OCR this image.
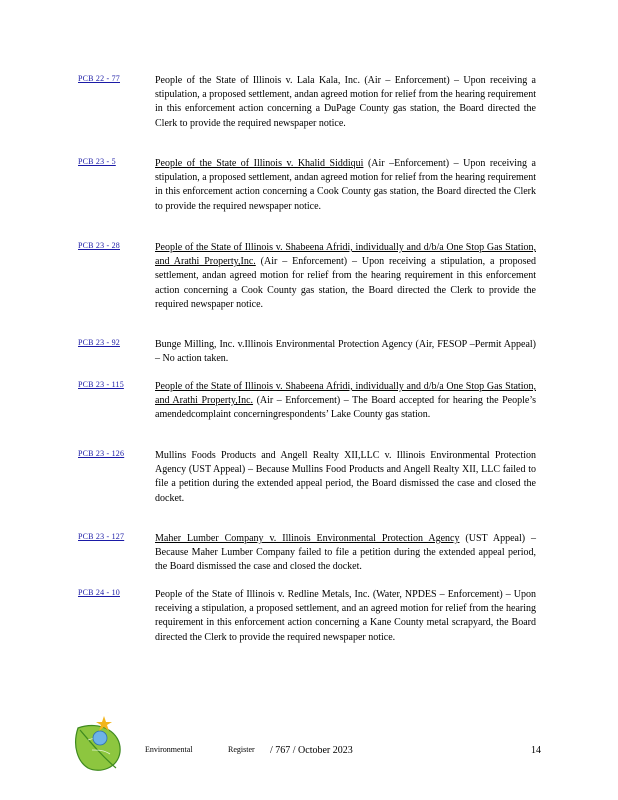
PCB 22 - 77	People of the State of Illinois v. Lala Kala, Inc. (Air – Enforcement) – Upon receiving a stipulation, a proposed settlement, andan agreed motion for relief from the hearing requirement in this enforcement action concerning a DuPage County gas station, the Board directed the Clerk to provide the required newspaper notice.
PCB 23 - 5	People of the State of Illinois v. Khalid Siddiqui (Air –Enforcement) – Upon receiving a stipulation, a proposed settlement, andan agreed motion for relief from the hearing requirement in this enforcement action concerning a Cook County gas station, the Board directed the Clerk to provide the required newspaper notice.
PCB 23 - 28	People of the State of Illinois v. Shabeena Afridi, individually and d/b/a One Stop Gas Station, and Arathi Property,Inc. (Air – Enforcement) – Upon receiving a stipulation, a proposed settlement, andan agreed motion for relief from the hearing requirement in this enforcement action concerning a Cook County gas station, the Board directed the Clerk to provide the required newspaper notice.
PCB 23 - 92	Bunge Milling, Inc. v.Illinois Environmental Protection Agency (Air, FESOP –Permit Appeal) – No action taken.
PCB 23 - 115	People of the State of Illinois v. Shabeena Afridi, individually and d/b/a One Stop Gas Station, and Arathi Property,Inc. (Air – Enforcement) – The Board accepted for hearing the People’s amendedcomplaint concerningrespondents’ Lake County gas station.
PCB 23 - 126	Mullins Foods Products and Angell Realty XII,LLC v. Illinois Environmental Protection Agency (UST Appeal) – Because Mullins Food Products and Angell Realty XII, LLC failed to file a petition during the extended appeal period, the Board dismissed the case and closed the docket.
PCB 23 - 127	Maher Lumber Company v. Illinois Environmental Protection Agency (UST Appeal) – Because Maher Lumber Company failed to file a petition during the extended appeal period, the Board dismissed the case and closed the docket.
PCB 24 - 10	People of the State of Illinois v. Redline Metals, Inc. (Water, NPDES – Enforcement) – Upon receiving a stipulation, a proposed settlement, and an agreed motion for relief from the hearing requirement in this enforcement action concerning a Kane County metal scrapyard, the Board directed the Clerk to provide the required newspaper notice.
Environmental	Register / 767 / October 2023	14
